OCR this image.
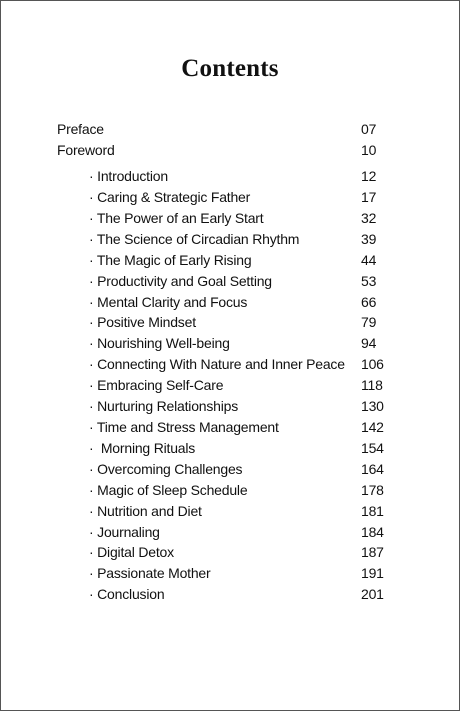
Contents
Preface	07
Foreword	10
· Introduction	12
· Caring & Strategic Father	17
· The Power of an Early Start	32
· The Science of Circadian Rhythm	39
· The Magic of Early Rising	44
· Productivity and Goal Setting	53
· Mental Clarity and Focus	66
· Positive Mindset	79
· Nourishing Well-being	94
· Connecting With Nature and Inner Peace 106
· Embracing Self-Care	118
· Nurturing Relationships	130
· Time and Stress Management	142
·  Morning Rituals	154
· Overcoming Challenges	164
· Magic of Sleep Schedule	178
· Nutrition and Diet	181
· Journaling	184
· Digital Detox	187
· Passionate Mother	191
· Conclusion	201
